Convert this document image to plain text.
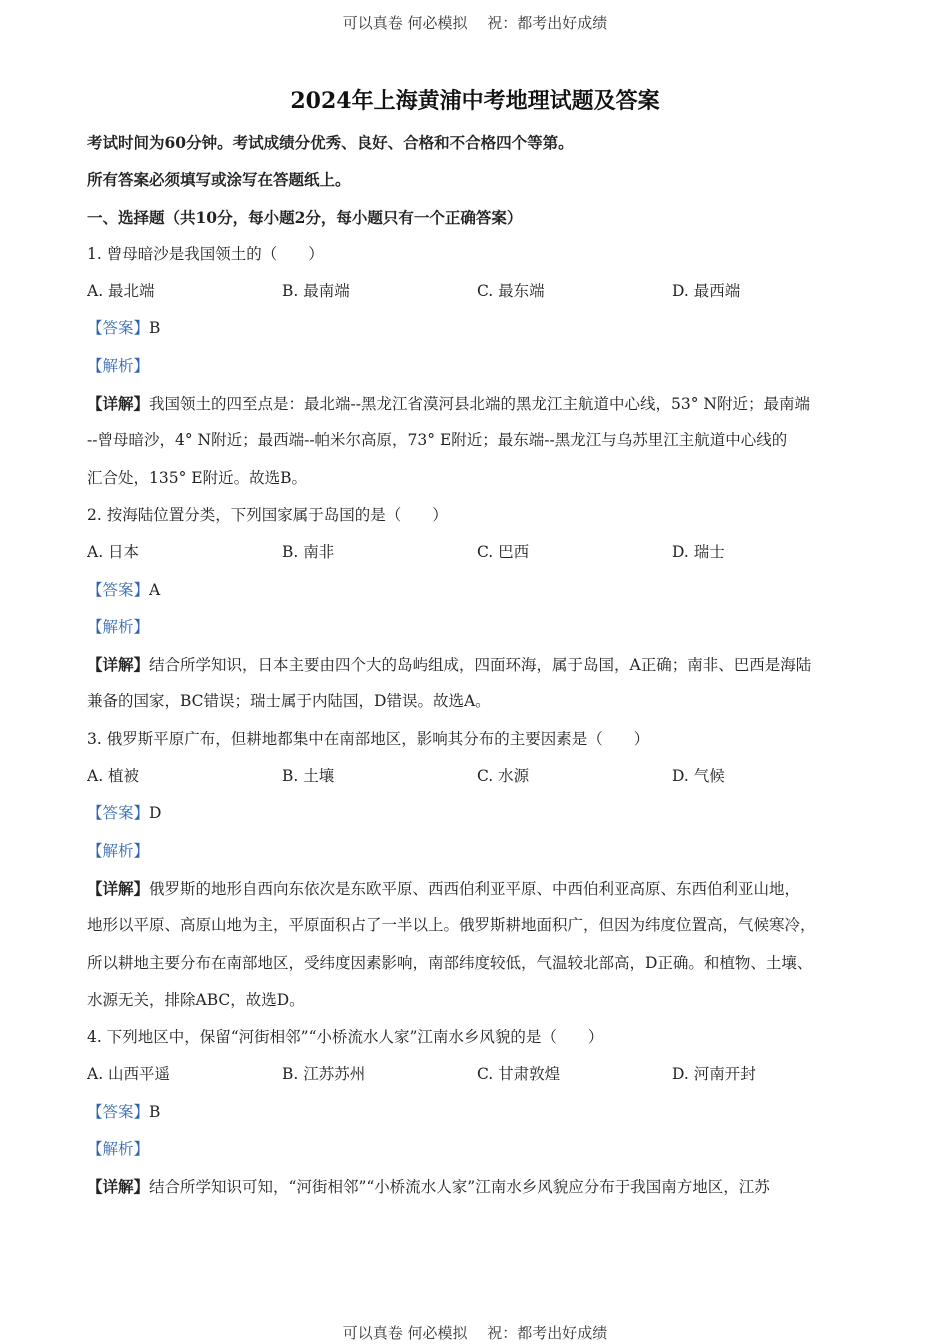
可以真卷 何必模拟　 祝：都考出好成绩
2024年上海黄浦中考地理试题及答案
考试时间为60分钟。考试成绩分优秀、良好、合格和不合格四个等第。
所有答案必须填写或涂写在答题纸上。
一、选择题（共10分，每小题2分，每小题只有一个正确答案）
1. 曾母暗沙是我国领土的（　　）
A. 最北端	B. 最南端	C. 最东端	D. 最西端
【答案】B
【解析】
【详解】我国领土的四至点是：最北端--黑龙江省漠河县北端的黑龙江主航道中心线，53° N附近；最南端
--曾母暗沙，4° N附近；最西端--帕米尔高原，73° E附近；最东端--黑龙江与乌苏里江主航道中心线的
汇合处，135° E附近。故选B。
2. 按海陆位置分类，下列国家属于岛国的是（　　）
A. 日本	B. 南非	C. 巴西	D. 瑞士
【答案】A
【解析】
【详解】结合所学知识，日本主要由四个大的岛屿组成，四面环海，属于岛国，A正确；南非、巴西是海陆
兼备的国家，BC错误；瑞士属于内陆国，D错误。故选A。
3. 俄罗斯平原广布，但耕地都集中在南部地区，影响其分布的主要因素是（　　）
A. 植被	B. 土壤	C. 水源	D. 气候
【答案】D
【解析】
【详解】俄罗斯的地形自西向东依次是东欧平原、西西伯利亚平原、中西伯利亚高原、东西伯利亚山地，
地形以平原、高原山地为主，平原面积占了一半以上。俄罗斯耕地面积广，但因为纬度位置高，气候寒冷，
所以耕地主要分布在南部地区，受纬度因素影响，南部纬度较低，气温较北部高，D正确。和植物、土壤、
水源无关，排除ABC，故选D。
4. 下列地区中，保留“河街相邻”“小桥流水人家”江南水乡风貌的是（　　）
A. 山西平遥	B. 江苏苏州	C. 甘肃敦煌	D. 河南开封
【答案】B
【解析】
【详解】结合所学知识可知，“河街相邻”“小桥流水人家”江南水乡风貌应分布于我国南方地区，江苏
可以真卷 何必模拟　 祝：都考出好成绩
